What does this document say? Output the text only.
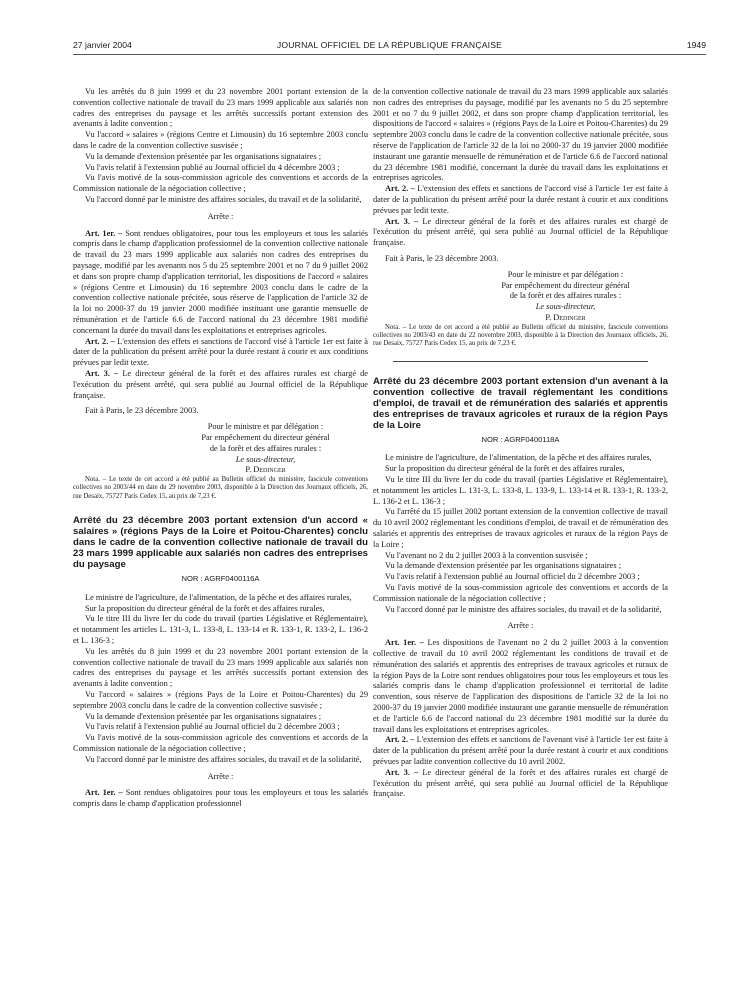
27 janvier 2004	JOURNAL OFFICIEL DE LA RÉPUBLIQUE FRANÇAISE	1949

Vu les arrêtés du 8 juin 1999 et du 23 novembre 2001 portant extension de la convention collective nationale de travail du 23 mars 1999 applicable aux salariés non cadres des entreprises du paysage et les arrêtés successifs portant extension des avenants à ladite convention ;

Vu l'accord « salaires » (régions Centre et Limousin) du 16 septembre 2003 conclu dans le cadre de la convention collective susvisée ;

Vu la demande d'extension présentée par les organisations signataires ;

Vu l'avis relatif à l'extension publié au Journal officiel du 4 décembre 2003 ;

Vu l'avis motivé de la sous-commission agricole des conventions et accords de la Commission nationale de la négociation collective ;

Vu l'accord donné par le ministre des affaires sociales, du travail et de la solidarité,

Arrête :

Art. 1er. – Sont rendues obligatoires, pour tous les employeurs et tous les salariés compris dans le champ d'application professionnel de la convention collective nationale de travail du 23 mars 1999 applicable aux salariés non cadres des entreprises du paysage, modifié par les avenants nos 5 du 25 septembre 2001 et no 7 du 9 juillet 2002 et dans son propre champ d'application territorial, les dispositions de l'accord « salaires » (régions Centre et Limousin) du 16 septembre 2003 conclu dans le cadre de la convention collective nationale précitée, sous réserve de l'application de l'article 32 de la loi no 2000-37 du 19 janvier 2000 modifiée instituant une garantie mensuelle de rémunération et de l'article 6.6 de l'accord national du 23 décembre 1981 modifié concernant la durée du travail dans les exploitations et entreprises agricoles.

Art. 2. – L'extension des effets et sanctions de l'accord visé à l'article 1er est faite à dater de la publication du présent arrêté pour la durée restant à courir et aux conditions prévues par ledit texte.

Art. 3. – Le directeur général de la forêt et des affaires rurales est chargé de l'exécution du présent arrêté, qui sera publié au Journal officiel de la République française.

Fait à Paris, le 23 décembre 2003.

Pour le ministre et par délégation :
Par empêchement du directeur général
de la forêt et des affaires rurales :
Le sous-directeur,
P. Dedinger

Nota. – Le texte de cet accord a été publié au Bulletin officiel du ministère, fascicule conventions collectives no 2003/44 en date du 29 novembre 2003, disponible à la Direction des Journaux officiels, 26, rue Desaix, 75727 Paris Cedex 15, au prix de 7,23 €.

Arrêté du 23 décembre 2003 portant extension d'un accord « salaires » (régions Pays de la Loire et Poitou-Charentes) conclu dans le cadre de la convention collective nationale de travail du 23 mars 1999 applicable aux salariés non cadres des entreprises du paysage
NOR : AGRF0400116A

Le ministre de l'agriculture, de l'alimentation, de la pêche et des affaires rurales,

Sur la proposition du directeur général de la forêt et des affaires rurales,

Vu le titre III du livre Ier du code du travail (parties Législative et Réglementaire), et notamment les articles L. 131-3, L. 133-8, L. 133-14 et R. 133-1, R. 133-2, L. 136-2 et L. 136-3 ;

Vu les arrêtés du 8 juin 1999 et du 23 novembre 2001 portant extension de la convention collective nationale de travail du 23 mars 1999 applicable aux salariés non cadres des entreprises du paysage et les arrêtés successifs portant extension des avenants à ladite convention ;

Vu l'accord « salaires » (régions Pays de la Loire et Poitou-Charentes) du 29 septembre 2003 conclu dans le cadre de la convention collective susvisée ;

Vu la demande d'extension présentée par les organisations signataires ;

Vu l'avis relatif à l'extension publié au Journal officiel du 2 décembre 2003 ;

Vu l'avis motivé de la sous-commission agricole des conventions et accords de la Commission nationale de la négociation collective ;

Vu l'accord donné par le ministre des affaires sociales, du travail et de la solidarité,

Arrête :

Art. 1er. – Sont rendues obligatoires pour tous les employeurs et tous les salariés compris dans le champ d'application professionnel

de la convention collective nationale de travail du 23 mars 1999 applicable aux salariés non cadres des entreprises du paysage, modifié par les avenants no 5 du 25 septembre 2001 et no 7 du 9 juillet 2002, et dans son propre champ d'application territorial, les dispositions de l'accord « salaires » (régions Pays de la Loire et Poitou-Charentes) du 29 septembre 2003 conclu dans le cadre de la convention collective nationale précitée, sous réserve de l'application de l'article 32 de la loi no 2000-37 du 19 janvier 2000 modifiée instaurant une garantie mensuelle de rémunération et de l'article 6.6 de l'accord national du 23 décembre 1981 modifié, concernant la durée du travail dans les exploitations et entreprises agricoles.

Art. 2. – L'extension des effets et sanctions de l'accord visé à l'article 1er est faite à dater de la publication du présent arrêté pour la durée restant à courir et aux conditions prévues par ledit texte.

Art. 3. – Le directeur général de la forêt et des affaires rurales est chargé de l'exécution du présent arrêté, qui sera publié au Journal officiel de la République française.

Fait à Paris, le 23 décembre 2003.

Pour le ministre et par délégation :
Par empêchement du directeur général
de la forêt et des affaires rurales :
Le sous-directeur,
P. Dedinger

Nota. – Le texte de cet accord a été publié au Bulletin officiel du ministère, fascicule conventions collectives no 2003/43 en date du 22 novembre 2003, disponible à la Direction des Journaux officiels, 26, rue Desaix, 75727 Paris Cedex 15, au prix de 7,23 €.

Arrêté du 23 décembre 2003 portant extension d'un avenant à la convention collective de travail réglementant les conditions d'emploi, de travail et de rémunération des salariés et apprentis des entreprises de travaux agricoles et ruraux de la région Pays de la Loire
NOR : AGRF0400118A

Le ministre de l'agriculture, de l'alimentation, de la pêche et des affaires rurales,

Sur la proposition du directeur général de la forêt et des affaires rurales,

Vu le titre III du livre Ier du code du travail (parties Législative et Réglementaire), et notamment les articles L. 131-3, L. 133-8, L. 133-9, L. 133-14 et R. 133-1, R. 133-2, L. 136-2 et L. 136-3 ;

Vu l'arrêté du 15 juillet 2002 portant extension de la convention collective de travail du 10 avril 2002 réglementant les conditions d'emploi, de travail et de rémunération des salariés et apprentis des entreprises de travaux agricoles et ruraux de la région Pays de la Loire ;

Vu l'avenant no 2 du 2 juillet 2003 à la convention susvisée ;

Vu la demande d'extension présentée par les organisations signataires ;

Vu l'avis relatif à l'extension publié au Journal officiel du 2 décembre 2003 ;

Vu l'avis motivé de la sous-commission agricole des conventions et accords de la Commission nationale de la négociation collective ;

Vu l'accord donné par le ministre des affaires sociales, du travail et de la solidarité,

Arrête :

Art. 1er. – Les dispositions de l'avenant no 2 du 2 juillet 2003 à la convention collective de travail du 10 avril 2002 réglementant les conditions de travail et de rémunération des salariés et apprentis des entreprises de travaux agricoles et ruraux de la région Pays de la Loire sont rendues obligatoires pour tous les employeurs et tous les salariés compris dans le champ d'application professionnel et territorial de ladite convention, sous réserve de l'application des dispositions de l'article 32 de la loi no 2000-37 du 19 janvier 2000 modifiée instaurant une garantie mensuelle de rémunération et de l'article 6.6 de l'accord national du 23 décembre 1981 modifié sur la durée du travail dans les exploitations et entreprises agricoles.

Art. 2. – L'extension des effets et sanctions de l'avenant visé à l'article 1er est faite à dater de la publication du présent arrêté pour la durée restant à courir et aux conditions prévues par ladite convention collective du 10 avril 2002.

Art. 3. – Le directeur général de la forêt et des affaires rurales est chargé de l'exécution du présent arrêté, qui sera publié au Journal officiel de la République française.
